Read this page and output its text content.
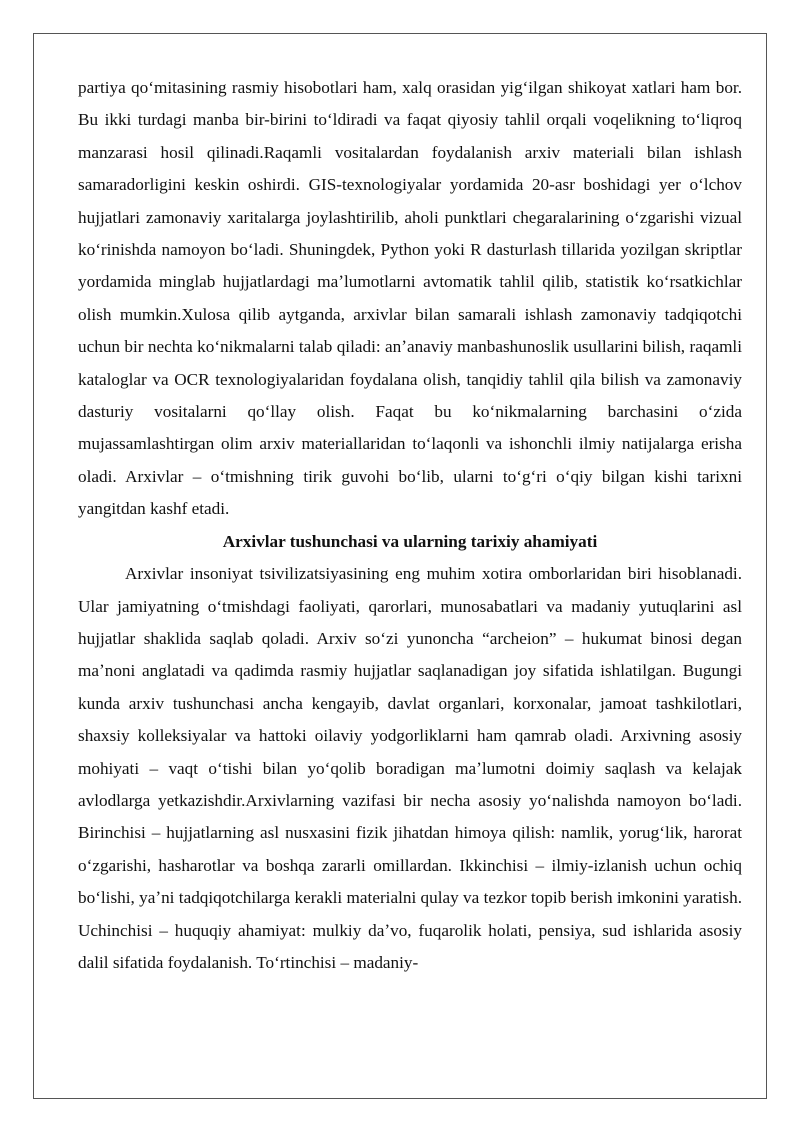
partiya qoʻmitasining rasmiy hisobotlari ham, xalq orasidan yigʻilgan shikoyat xatlari ham bor. Bu ikki turdagi manba bir-birini toʻldiradi va faqat qiyosiy tahlil orqali voqelikning toʻliqroq manzarasi hosil qilinadi.Raqamli vositalardan foydalanish arxiv materiali bilan ishlash samaradorligini keskin oshirdi. GIS-texnologiyalar yordamida 20-asr boshidagi yer oʻlchov hujjatlari zamonaviy xaritalarga joylashtirilib, aholi punktlari chegaralarining oʻzgarishi vizual koʻrinishda namoyon boʻladi. Shuningdek, Python yoki R dasturlash tillarida yozilgan skriptlar yordamida minglab hujjatlardagi maʼlumotlarni avtomatik tahlil qilib, statistik koʻrsatkichlar olish mumkin.Xulosa qilib aytganda, arxivlar bilan samarali ishlash zamonaviy tadqiqotchi uchun bir nechta koʻnikmalarni talab qiladi: anʼanaviy manbashunoslik usullarini bilish, raqamli kataloglar va OCR texnologiyalaridan foydalana olish, tanqidiy tahlil qila bilish va zamonaviy dasturiy vositalarni qoʻllay olish. Faqat bu koʻnikmalarning barchasini oʻzida mujassamlashtirgan olim arxiv materiallaridan toʻlaqonli va ishonchli ilmiy natijalarga erisha oladi. Arxivlar – oʻtmishning tirik guvohi boʻlib, ularni toʻgʻri oʻqiy bilgan kishi tarixni yangitdan kashf etadi.

Arxivlar tushunchasi va ularning tarixiy ahamiyati

Arxivlar insoniyat tsivilizatsiyasining eng muhim xotira omborlaridan biri hisoblanadi. Ular jamiyatning oʻtmishdagi faoliyati, qarorlari, munosabatlari va madaniy yutuqlarini asl hujjatlar shaklida saqlab qoladi. Arxiv soʻzi yunoncha “archeion” – hukumat binosi degan maʼnoni anglatadi va qadimda rasmiy hujjatlar saqlanadigan joy sifatida ishlatilgan. Bugungi kunda arxiv tushunchasi ancha kengayib, davlat organlari, korxonalar, jamoat tashkilotlari, shaxsiy kolleksiyalar va hattoki oilaviy yodgorliklarni ham qamrab oladi. Arxivning asosiy mohiyati – vaqt oʻtishi bilan yoʻqolib boradigan maʼlumotni doimiy saqlash va kelajak avlodlarga yetkazishdir.Arxivlarning vazifasi bir necha asosiy yoʻnalishda namoyon boʻladi. Birinchisi – hujjatlarning asl nusxasini fizik jihatdan himoya qilish: namlik, yorugʻlik, harorat oʻzgarishi, hasharotlar va boshqa zararli omillardan. Ikkinchisi – ilmiy-izlanish uchun ochiq boʻlishi, yaʼni tadqiqotchilarga kerakli materialni qulay va tezkor topib berish imkonini yaratish. Uchinchisi – huquqiy ahamiyat: mulkiy daʼvo, fuqarolik holati, pensiya, sud ishlarida asosiy dalil sifatida foydalanish. Toʻrtinchisi – madaniy-
